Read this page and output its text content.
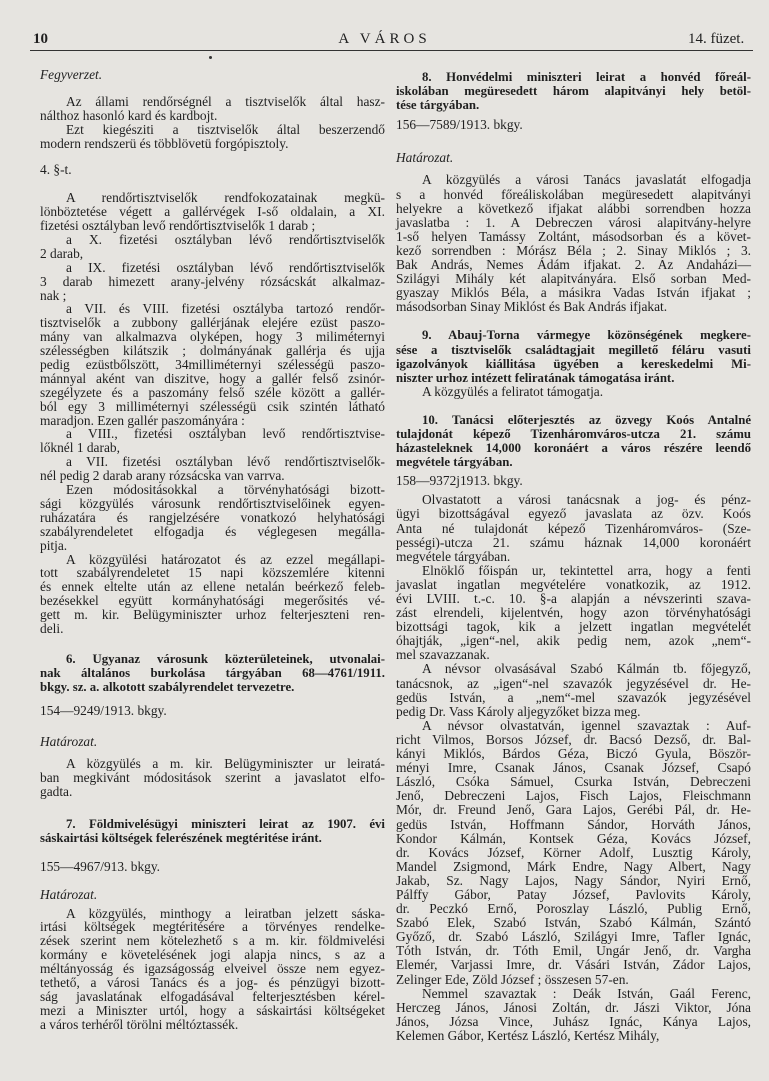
10	A VÁROS	14. füzet.
Fegyverzet.
Az állami rendőrségnél a tisztviselők által hasz-
nálthoz hasonló kard és kardbojt.
Ezt kiegésziti a tisztviselők által beszerzendő
modern rendszerü és többlövetü forgópisztoly.
4. §-t.
A rendőrtisztviselők rendfokozatainak megkü-
lönböztetése végett a gallérvégek I-ső oldalain, a XI.
fizetési osztályban levő rendőrtisztviselők 1 darab ;
a X. fizetési osztályban lévő rendőrtisztviselők
2 darab,
a IX. fizetési osztályban lévő rendőrtisztviselők
3 darab himezett arany-jelvény rózsácskát alkalmaz-
nak ;
a VII. és VIII. fizetési osztályba tartozó rendőr-
tisztviselők a zubbony gallérjának elejére ezüst paszo-
mány van alkalmazva olyképen, hogy 3 miliméternyi
szélességben kilátszik ; dolmányának gallérja és ujja
pedig ezüstbőlszött, 34milliméternyi szélességü paszo-
mánnyal aként van diszitve, hogy a gallér felső zsinór-
szegélyzete és a paszomány felső széle között a gallér-
ból egy 3 milliméternyi szélességü csik szintén látható
maradjon. Ezen gallér paszományára :
a VIII., fizetési osztályban levő rendőrtisztvise-
lőknél 1 darab,
a VII. fizetési osztályban lévő rendőrtisztviselők-
nél pedig 2 darab arany rózsácska van varrva.
Ezen módositásokkal a törvényhatósági bizott-
sági közgyülés városunk rendőrtisztviselőinek egyen-
ruházatára és rangjelzésére vonatkozó helyhatósági
szabályrendeletet elfogadja és véglegesen megálla-
pitja.
A közgyülési határozatot és az ezzel megállapi-
tott szabályrendeletet 15 napi közszemlére kitenni
és ennek eltelte után az ellene netalán beérkező feleb-
bezésekkel együtt kormányhatósági megerősités vé-
gett m. kir. Belügyminiszter urhoz felterjeszteni ren-
deli.
6. Ugyanaz városunk közterületeinek, utvonalai-
nak általános burkolása tárgyában 68—4761/1911.
bkgy. sz. a. alkotott szabályrendelet tervezetre.
154—9249/1913. bkgy.
Határozat.
A közgyülés a m. kir. Belügyminiszter ur leiratá-
ban megkivánt módositások szerint a javaslatot elfo-
gadta.
7. Földmivelésügyi miniszteri leirat az 1907. évi
sáskairtási költségek felerészének megtéritése iránt.
155—4967/913. bkgy.
Határozat.
A közgyülés, minthogy a leiratban jelzett sáska-
irtási költségek megtéritésére a törvényes rendelke-
zések szerint nem kötelezhető s a m. kir. földmivelési
kormány e követelésének jogi alapja nincs, s az a
méltányosság és igazságosság elveivel össze nem egyez-
tethető, a városi Tanács és a jog- és pénzügyi bizott-
ság javaslatának elfogadásával felterjesztésben kérel-
mezi a Miniszter urtól, hogy a sáskairtási költségeket
a város terhéről törölni méltóztassék.
8. Honvédelmi miniszteri leirat a honvéd főreál-
iskolában megüresedett három alapitványi hely betöl-
tése tárgyában.
156—7589/1913. bkgy.
Határozat.
A közgyülés a városi Tanács javaslatát elfogadja
s a honvéd főreáliskolában megüresedett alapitványi
helyekre a következő ifjakat alábbi sorrendben hozza
javaslatba : 1. A Debreczen városi alapitvány-helyre
1-ső helyen Tamássy Zoltánt, másodsorban és a követ-
kező sorrendben : Mórász Béla ; 2. Sinay Miklós ; 3.
Bak András, Nemes Ádám ifjakat. 2. Az Andaházi—
Szilágyi Mihály két alapitványára. Első sorban Med-
gyaszay Miklós Béla, a másikra Vadas István ifjakat ;
másodsorban Sinay Miklóst és Bak András ifjakat.
9. Abauj-Torna vármegye közönségének megkere-
sése a tisztviselők családtagjait megillető féláru vasuti
igazolványok kiállitása ügyében a kereskedelmi Mi-
niszter urhoz intézett feliratának támogatása iránt.
A közgyülés a feliratot támogatja.
10. Tanácsi előterjesztés az özvegy Koós Antalné
tulajdonát képező Tizenháromváros-utcza 21. számu
házasteleknek 14,000 koronáért a város részére leendő
megvétele tárgyában.
158—9372j1913. bkgy.
Olvastatott a városi tanácsnak a jog- és pénz-
ügyi bizottságával egyező javaslata az özv. Koós
Anta né tulajdonát képező Tizenháromváros- (Sze-
pességi)-utcza 21. számu háznak 14,000 koronáért
megvétele tárgyában.
Elnöklő főispán ur, tekintettel arra, hogy a fenti
javaslat ingatlan megvételére vonatkozik, az 1912.
évi LVIII. t.-c. 10. §-a alapján a névszerinti szava-
zást elrendeli, kijelentvén, hogy azon törvényhatósági
bizottsági tagok, kik a jelzett ingatlan megvételét
óhajtják, „igen“-nel, akik pedig nem, azok „nem“-
mel szavazzanak.
A névsor olvasásával Szabó Kálmán tb. főjegyző,
tanácsnok, az „igen“-nel szavazók jegyzésével dr. He-
gedüs István, a „nem“-mel szavazók jegyzésével
pedig Dr. Vass Károly aljegyzőket bizza meg.
A névsor olvastatván, igennel szavaztak : Auf-
richt Vilmos, Borsos József, dr. Bacsó Dezső, dr. Bal-
kányi Miklós, Bárdos Géza, Biczó Gyula, Böször-
ményi Imre, Csanak János, Csanak József, Csapó
László, Csóka Sámuel, Csurka István, Debreczeni
Jenő, Debreczeni Lajos, Fisch Lajos, Fleischmann
Mór, dr. Freund Jenő, Gara Lajos, Gerébi Pál, dr. He-
gedüs István, Hoffmann Sándor, Horváth János,
Kondor Kálmán, Kontsek Géza, Kovács József,
dr. Kovács József, Körner Adolf, Lusztig Károly,
Mandel Zsigmond, Márk Endre, Nagy Albert, Nagy
Jakab, Sz. Nagy Lajos, Nagy Sándor, Nyiri Ernő,
Pálffy Gábor, Patay József, Pavlovits Károly,
dr. Peczkó Ernő, Poroszlay László, Publig Ernő,
Szabó Elek, Szabó István, Szabó Kálmán, Szántó
Győző, dr. Szabó László, Szilágyi Imre, Tafler Ignác,
Tóth István, dr. Tóth Emil, Ungár Jenő, dr. Vargha
Elemér, Varjassi Imre, dr. Vásári István, Zádor Lajos,
Zelinger Ede, Zöld József ; összesen 57-en.
Nemmel szavaztak : Deák István, Gaál Ferenc,
Herczeg János, Jánosi Zoltán, dr. Jászi Viktor, Jóna
János, Józsa Vince, Juhász Ignác, Kánya Lajos,
Kelemen Gábor, Kertész László, Kertész Mihály,
